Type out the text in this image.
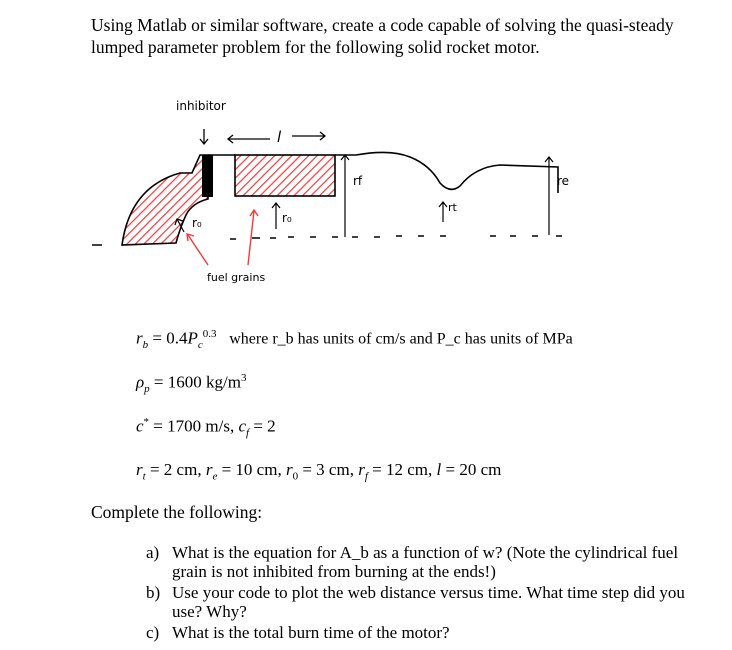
Using Matlab or similar software, create a code capable of solving the quasi-steady lumped parameter problem for the following solid rocket motor.
inhibitor
l
r₀	r₀
fuel grains
rf
rt
re
$r_b = 0.4P_c^{0.3}$ where r_b has units of cm/s and P_c has units of MPa
$\rho_p = 1600$ $kg/m^3$
c* = 1700 m/s, $c_f = 2$
$r_t = 2$ cm, $r_e = 10$ cm, $r_0 = 3$ cm, $r_f = 12$ cm, l = 20 cm
Complete the following:
a) What is the equation for A_b as a function of w? (Note the cylindrical fuel grain is not inhibited from burning at the ends!)
b) Use your code to plot the web distance versus time. What time step did you use? Why?
c) What is the total burn time of the motor?
